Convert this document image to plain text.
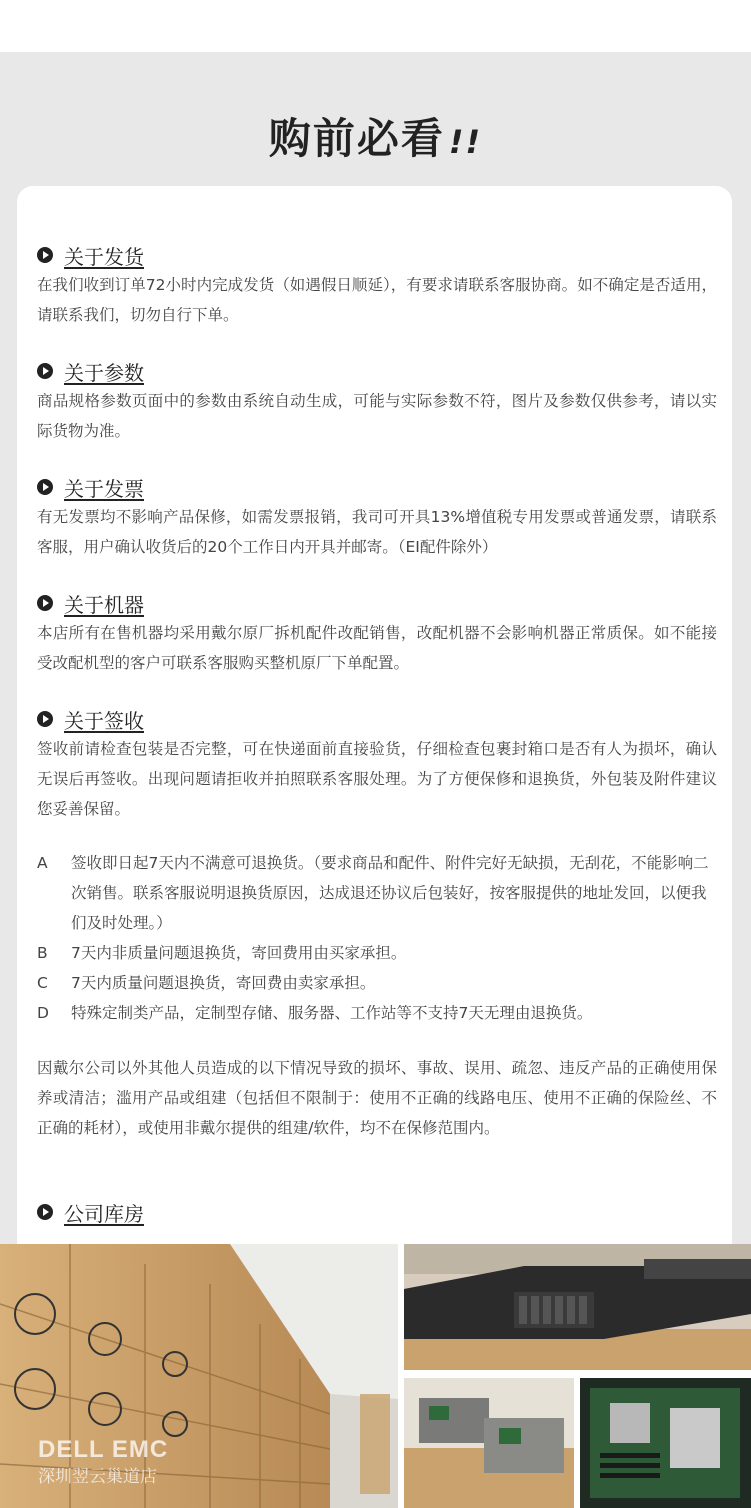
购前必看 !!
关于发货

在我们收到订单72小时内完成发货（如遇假日顺延），有要求请联系客服协商。如不确定是否适用，请联系我们，切勿自行下单。

关于参数

商品规格参数页面中的参数由系统自动生成，可能与实际参数不符，图片及参数仅供参考，请以实际货物为准。

关于发票

有无发票均不影响产品保修，如需发票报销，我司可开具13%增值税专用发票或普通发票，请联系客服，用户确认收货后的20个工作日内开具并邮寄。（EI配件除外）

关于机器

本店所有在售机器均采用戴尔原厂拆机配件改配销售，改配机器不会影响机器正常质保。如不能接受改配机型的客户可联系客服购买整机原厂下单配置。

关于签收

签收前请检查包装是否完整，可在快递面前直接验货，仔细检查包裹封箱口是否有人为损坏，确认无误后再签收。出现问题请拒收并拍照联系客服处理。为了方便保修和退换货，外包装及附件建议您妥善保留。

A	签收即日起7天内不满意可退换货。（要求商品和配件、附件完好无缺损，无刮花，不能影响二次销售。联系客服说明退换货原因，达成退还协议后包装好，按客服提供的地址发回，以便我们及时处理。）
B	7天内非质量问题退换货，寄回费用由买家承担。
C	7天内质量问题退换货，寄回费由卖家承担。
D	特殊定制类产品，定制型存储、服务器、工作站等不支持7天无理由退换货。

因戴尔公司以外其他人员造成的以下情况导致的损坏、事故、误用、疏忽、违反产品的正确使用保养或清洁；滥用产品或组建（包括但不限制于：使用不正确的线路电压、使用不正确的保险丝、不正确的耗材），或使用非戴尔提供的组建/软件，均不在保修范围内。

公司库房
DELL EMC
深圳翌云巢道店
